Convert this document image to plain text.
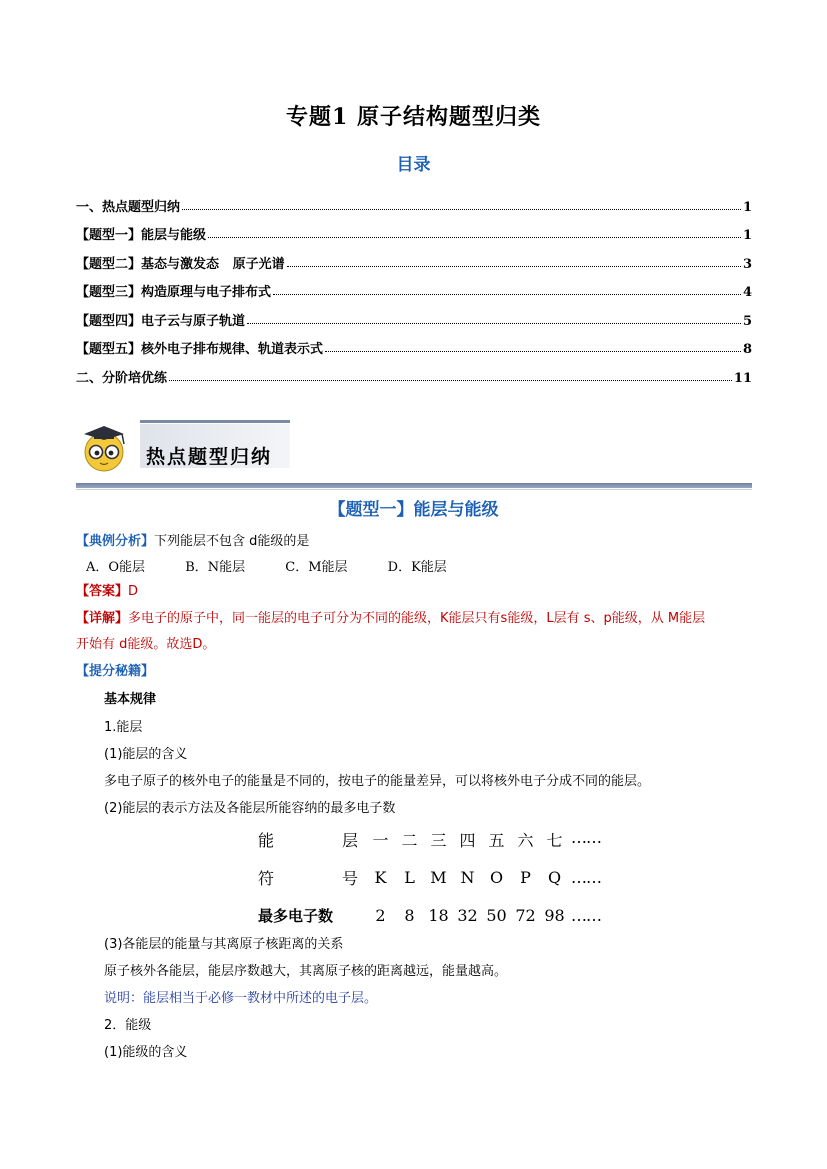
专题1 原子结构题型归类
目录
一、热点题型归纳	1
【题型一】能层与能级	1
【题型二】基态与激发态   原子光谱	3
【题型三】构造原理与电子排布式	4
【题型四】电子云与原子轨道	5
【题型五】核外电子排布规律、轨道表示式	8
二、分阶培优练	11
热点题型归纳
【题型一】能层与能级
【典例分析】下列能层不包含 d能级的是
A．O能层	B．N能层	C．M能层	D．K能层
【答案】D
【详解】多电子的原子中，同一能层的电子可分为不同的能级，K能层只有s能级，L层有 s、p能级，从 M能层
开始有 d能级。故选D。
【提分秘籍】
基本规律
1.能层
(1)能层的含义
多电子原子的核外电子的能量是不同的，按电子的能量差异，可以将核外电子分成不同的能层。
(2)能层的表示方法及各能层所能容纳的最多电子数
能	层 一 二 三 四 五 六 七 ……
符	号	K	L M N O	P	Q ……
最多电子数	2	8 18 32 50 72 98 ……
(3)各能层的能量与其离原子核距离的关系
原子核外各能层，能层序数越大，其离原子核的距离越远，能量越高。
说明：能层相当于必修一教材中所述的电子层。
2．能级
(1)能级的含义
